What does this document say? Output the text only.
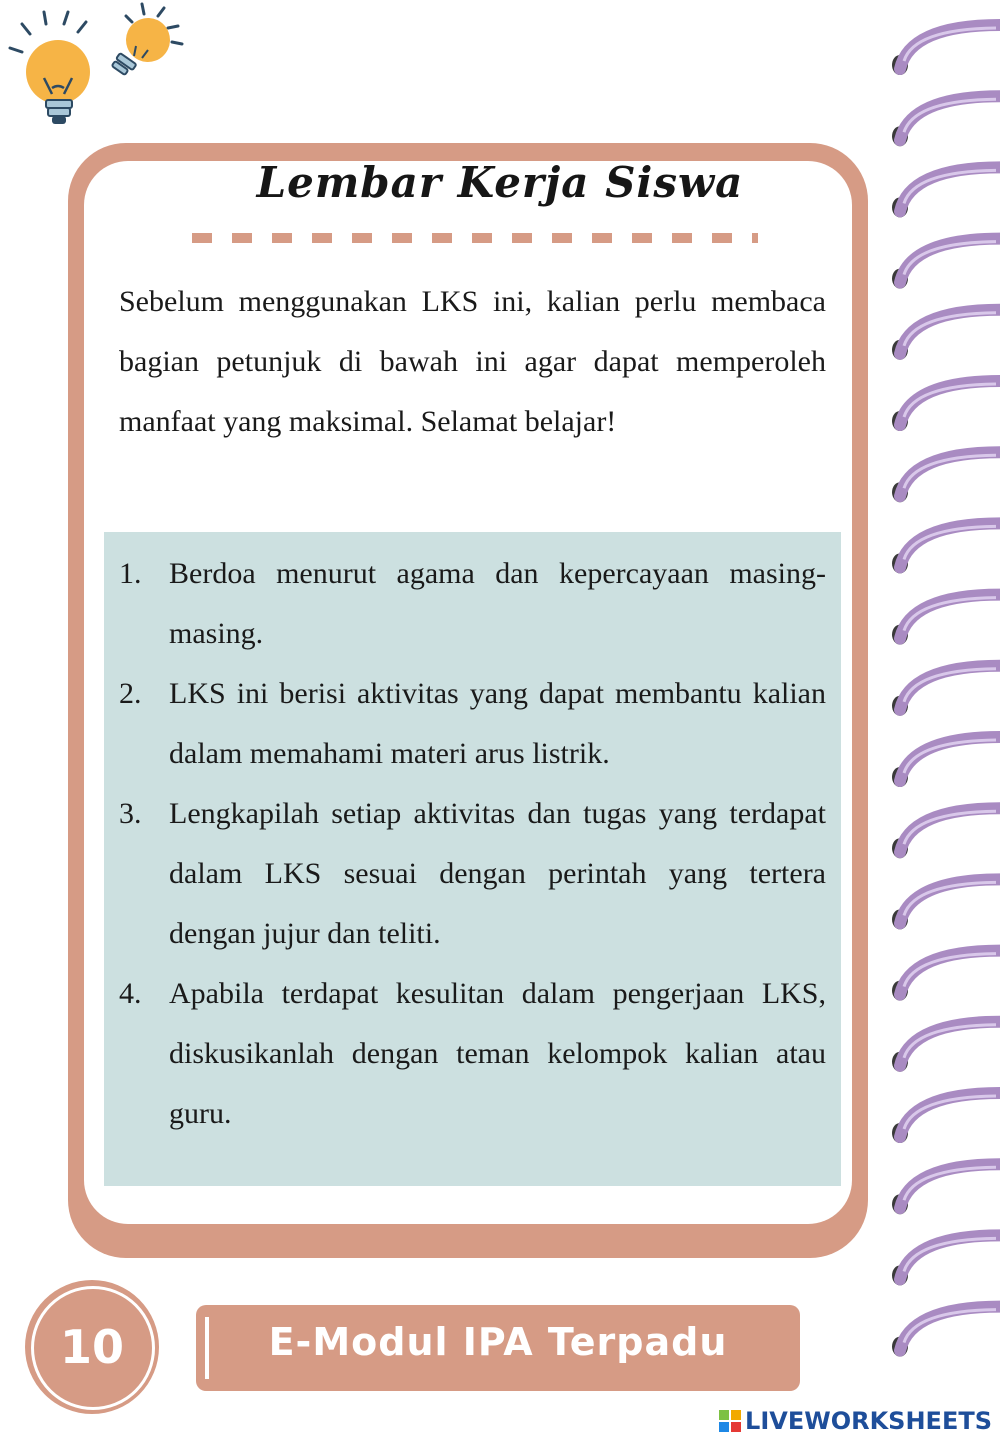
Lembar Kerja Siswa

Sebelum menggunakan LKS ini, kalian perlu membaca bagian petunjuk di bawah ini agar dapat memperoleh manfaat yang maksimal. Selamat belajar!

1. Berdoa menurut agama dan kepercayaan masing-masing.
2. LKS ini berisi aktivitas yang dapat membantu kalian dalam memahami materi arus listrik.
3. Lengkapilah setiap aktivitas dan tugas yang terdapat dalam LKS sesuai dengan perintah yang tertera dengan jujur dan teliti.
4. Apabila terdapat kesulitan dalam pengerjaan LKS, diskusikanlah dengan teman kelompok kalian atau guru.
10	E-Modul IPA Terpadu
LIVEWORKSHEETS
